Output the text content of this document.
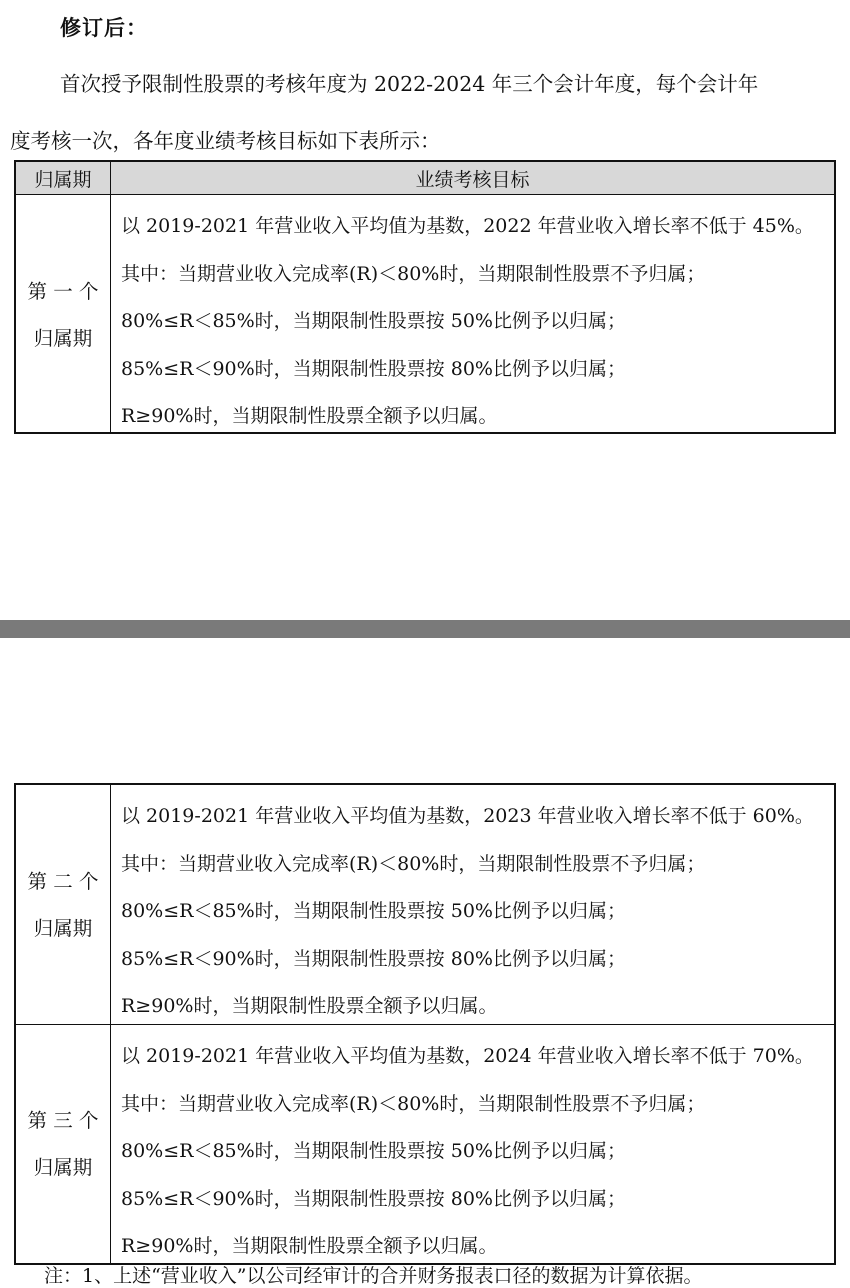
修订后：
首次授予限制性股票的考核年度为 2022-2024 年三个会计年度，每个会计年
度考核一次，各年度业绩考核目标如下表所示：
归属期	业绩考核目标
第 一 个
归属期
以 2019-2021 年营业收入平均值为基数，2022 年营业收入增长率不低于 45%。
其中：当期营业收入完成率(R)＜80%时，当期限制性股票不予归属；
80%≤R＜85%时，当期限制性股票按 50%比例予以归属；
85%≤R＜90%时，当期限制性股票按 80%比例予以归属；
R≥90%时，当期限制性股票全额予以归属。
第 二 个
归属期
以 2019-2021 年营业收入平均值为基数，2023 年营业收入增长率不低于 60%。
其中：当期营业收入完成率(R)＜80%时，当期限制性股票不予归属；
80%≤R＜85%时，当期限制性股票按 50%比例予以归属；
85%≤R＜90%时，当期限制性股票按 80%比例予以归属；
R≥90%时，当期限制性股票全额予以归属。
第 三 个
归属期
以 2019-2021 年营业收入平均值为基数，2024 年营业收入增长率不低于 70%。
其中：当期营业收入完成率(R)＜80%时，当期限制性股票不予归属；
80%≤R＜85%时，当期限制性股票按 50%比例予以归属；
85%≤R＜90%时，当期限制性股票按 80%比例予以归属；
R≥90%时，当期限制性股票全额予以归属。
注：1、上述“营业收入”以公司经审计的合并财务报表口径的数据为计算依据。
